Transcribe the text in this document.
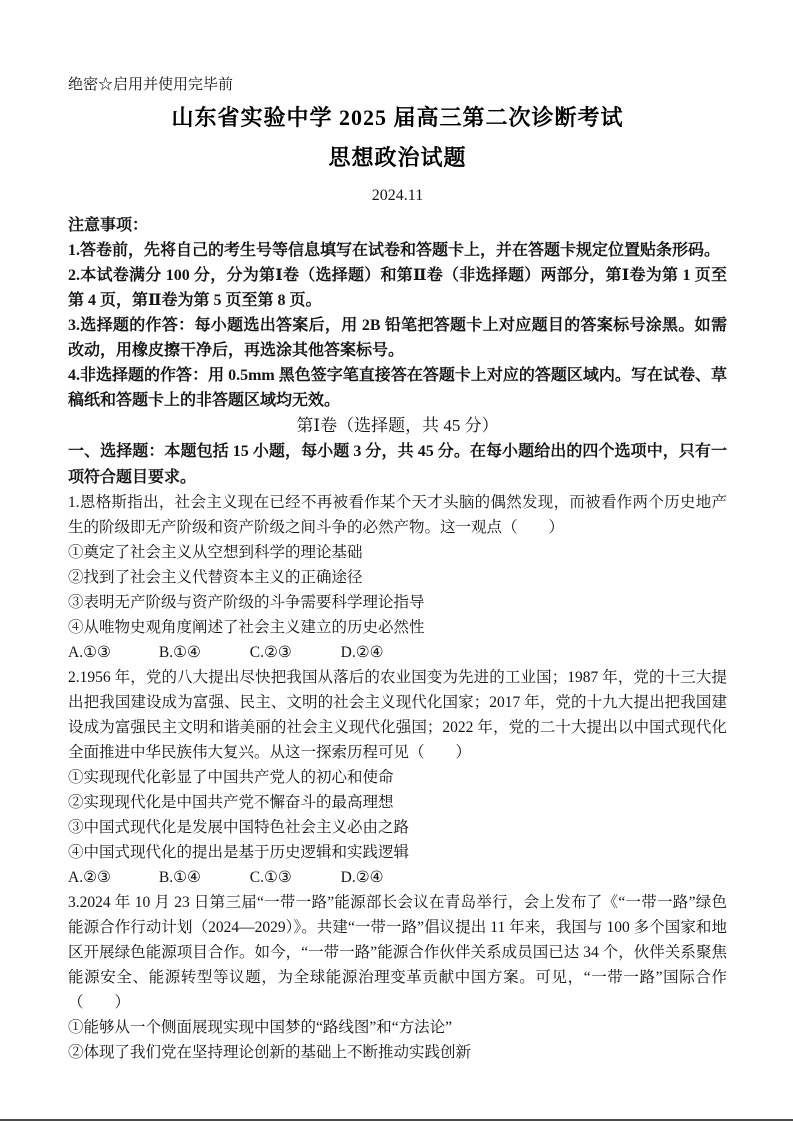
绝密☆启用并使用完毕前
山东省实验中学 2025 届高三第二次诊断考试
思想政治试题
2024.11
注意事项：

1.答卷前，先将自己的考生号等信息填写在试卷和答题卡上，并在答题卡规定位置贴条形码。

2.本试卷满分 100 分，分为第Ⅰ卷（选择题）和第Ⅱ卷（非选择题）两部分，第Ⅰ卷为第 1 页至第 4 页，第Ⅱ卷为第 5 页至第 8 页。

3.选择题的作答：每小题选出答案后，用 2B 铅笔把答题卡上对应题目的答案标号涂黑。如需改动，用橡皮擦干净后，再选涂其他答案标号。

4.非选择题的作答：用 0.5mm 黑色签字笔直接答在答题卡上对应的答题区域内。写在试卷、草稿纸和答题卡上的非答题区域均无效。

第Ⅰ卷（选择题，共 45 分）

一、选择题：本题包括 15 小题，每小题 3 分，共 45 分。在每小题给出的四个选项中，只有一项符合题目要求。

1.恩格斯指出，社会主义现在已经不再被看作某个天才头脑的偶然发现，而被看作两个历史地产生的阶级即无产阶级和资产阶级之间斗争的必然产物。这一观点（　　）

①奠定了社会主义从空想到科学的理论基础

②找到了社会主义代替资本主义的正确途径

③表明无产阶级与资产阶级的斗争需要科学理论指导

④从唯物史观角度阐述了社会主义建立的历史必然性

A.①③	B.①④	C.②③	D.②④

2.1956 年，党的八大提出尽快把我国从落后的农业国变为先进的工业国；1987 年，党的十三大提出把我国建设成为富强、民主、文明的社会主义现代化国家；2017 年，党的十九大提出把我国建设成为富强民主文明和谐美丽的社会主义现代化强国；2022 年，党的二十大提出以中国式现代化全面推进中华民族伟大复兴。从这一探索历程可见（　　）

①实现现代化彰显了中国共产党人的初心和使命

②实现现代化是中国共产党不懈奋斗的最高理想

③中国式现代化是发展中国特色社会主义必由之路

④中国式现代化的提出是基于历史逻辑和实践逻辑

A.②③	B.①④	C.①③	D.②④

3.2024 年 10 月 23 日第三届“一带一路”能源部长会议在青岛举行，会上发布了《“一带一路”绿色能源合作行动计划（2024—2029）》。共建“一带一路”倡议提出 11 年来，我国与 100 多个国家和地区开展绿色能源项目合作。如今，“一带一路”能源合作伙伴关系成员国已达 34 个，伙伴关系聚焦能源安全、能源转型等议题，为全球能源治理变革贡献中国方案。可见，“一带一路”国际合作（　　）

①能够从一个侧面展现实现中国梦的“路线图”和“方法论”

②体现了我们党在坚持理论创新的基础上不断推动实践创新
